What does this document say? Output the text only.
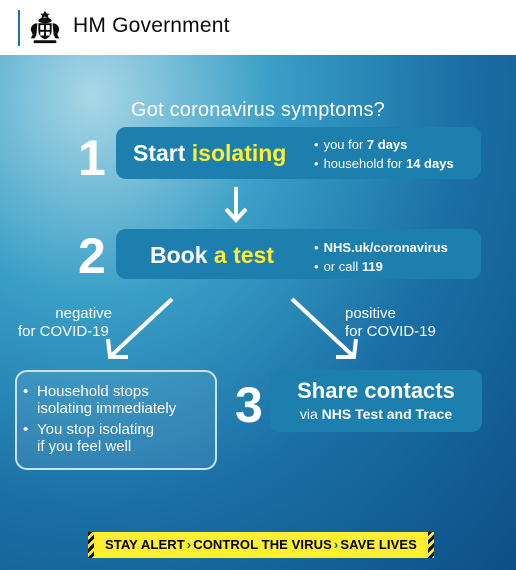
HM Government
Got coronavirus symptoms?
1 Start isolating	• you for 7 days
• household for 14 days
2 Book a test	• NHS.uk/coronavirus
• or call 119
negative
for COVID-19
positive
for COVID-19
• Household stops
isolating immediately
• You stop isolating
if you feel well
3	Share contacts
via NHS Test and Trace
STAY ALERT › CONTROL THE VIRUS › SAVE LIVES
